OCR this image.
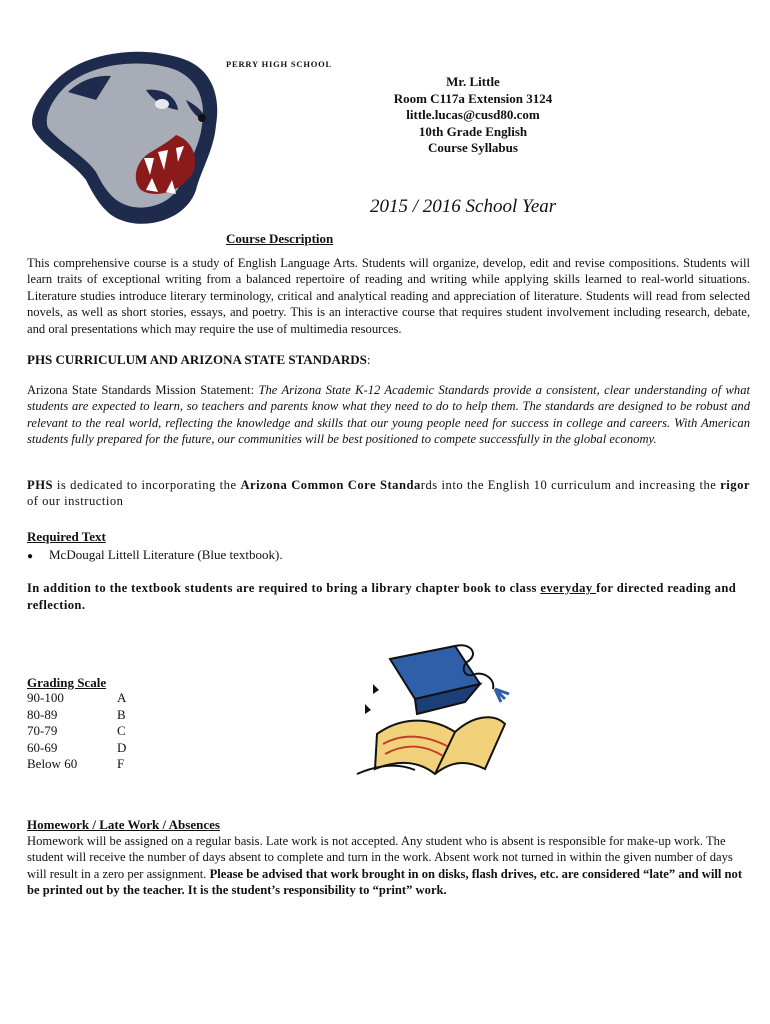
PERRY HIGH SCHOOL
Mr. Little
Room C117a Extension 3124
little.lucas@cusd80.com
10th Grade English
Course Syllabus
2015 / 2016 School Year
Course Description
This comprehensive course is a study of English Language Arts. Students will organize, develop, edit and revise compositions. Students will learn traits of exceptional writing from a balanced repertoire of reading and writing while applying skills learned to real-world situations. Literature studies introduce literary terminology, critical and analytical reading and appreciation of literature. Students will read from selected novels, as well as short stories, essays, and poetry. This is an interactive course that requires student involvement including research, debate, and oral presentations which may require the use of multimedia resources.
PHS CURRICULUM AND ARIZONA STATE STANDARDS:
Arizona State Standards Mission Statement: The Arizona State K-12 Academic Standards provide a consistent, clear understanding of what students are expected to learn, so teachers and parents know what they need to do to help them. The standards are designed to be robust and relevant to the real world, reflecting the knowledge and skills that our young people need for success in college and careers. With American students fully prepared for the future, our communities will be best positioned to compete successfully in the global economy.
PHS is dedicated to incorporating the Arizona Common Core Standards into the English 10 curriculum and increasing the rigor of our instruction
Required Text
●	McDougal Littell Literature (Blue textbook).
In addition to the textbook students are required to bring a library chapter book to class everyday for directed reading and reflection.
Grading Scale
90-100	A
80-89	B
70-79	C
60-69	D
Below 60	F
Homework / Late Work / Absences
Homework will be assigned on a regular basis. Late work is not accepted. Any student who is absent is responsible for make-up work. The student will receive the number of days absent to complete and turn in the work. Absent work not turned in within the given number of days will result in a zero per assignment. Please be advised that work brought in on disks, flash drives, etc. are considered “late” and will not be printed out by the teacher. It is the student’s responsibility to “print” work.
